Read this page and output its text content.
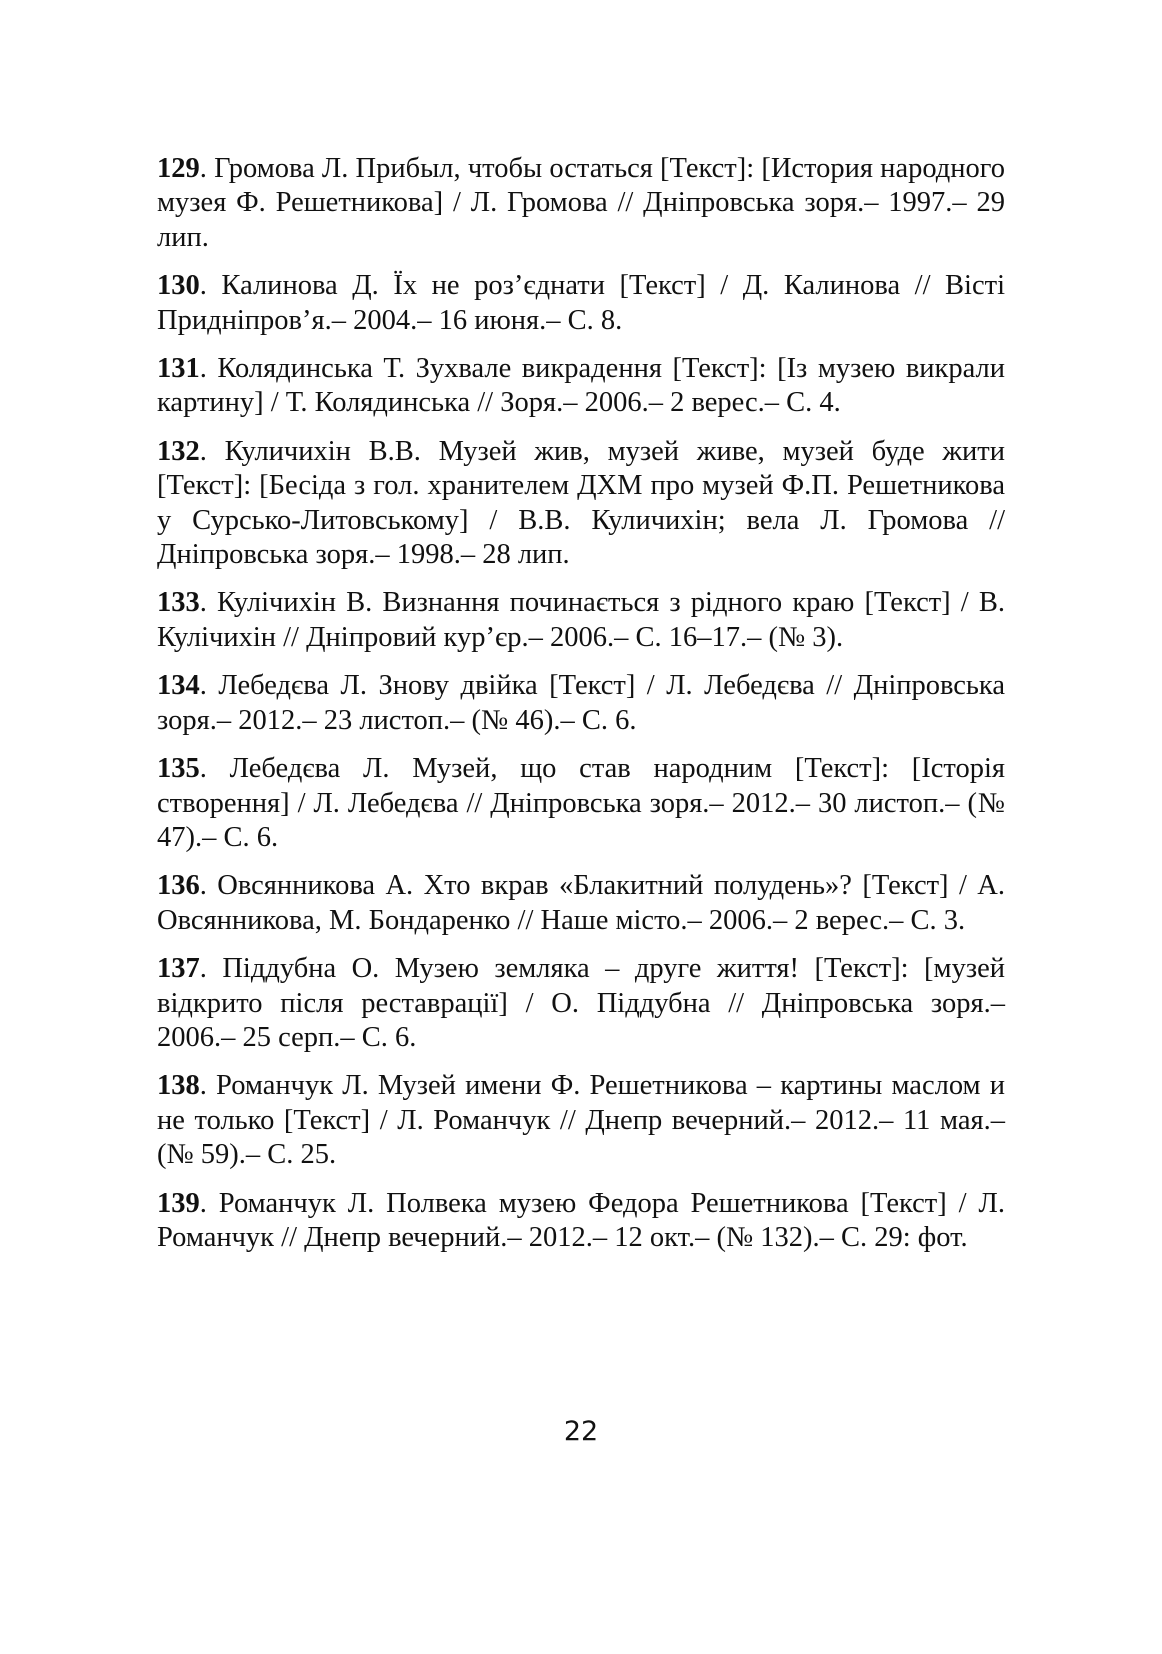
129. Громова Л. Прибыл, чтобы остаться [Текст]: [История народного музея Ф. Решетникова] / Л. Громова // Дніпровська зоря.– 1997.– 29 лип.

130. Калинова Д. Їх не роз’єднати [Текст] / Д. Калинова // Вісті Придніпров’я.– 2004.– 16 июня.– С. 8.

131. Колядинська Т. Зухвале викрадення [Текст]: [Із музею викрали картину] / Т. Колядинська // Зоря.– 2006.– 2 верес.– С. 4.

132. Куличихін В.В. Музей жив, музей живе, музей буде жити [Текст]: [Бесіда з гол. хранителем ДХМ про музей Ф.П. Решетникова у Сурсько-Литовському] / В.В. Куличихін; вела Л. Громова // Дніпровська зоря.– 1998.– 28 лип.

133. Кулічихін В. Визнання починається з рідного краю [Текст] / В. Кулічихін // Дніпровий кур’єр.– 2006.– С. 16–17.– (№ 3).

134. Лебедєва Л. Знову двійка [Текст] / Л. Лебедєва // Дніпровська зоря.– 2012.– 23 листоп.– (№ 46).– С. 6.

135. Лебедєва Л. Музей, що став народним [Текст]: [Історія створення] / Л. Лебедєва // Дніпровська зоря.– 2012.– 30 листоп.– (№ 47).– С. 6.

136. Овсянникова А. Хто вкрав «Блакитний полудень»? [Текст] / А. Овсянникова, М. Бондаренко // Наше місто.– 2006.– 2 верес.– С. 3.

137. Піддубна О. Музею земляка – друге життя! [Текст]: [музей відкрито після реставрації] / О. Піддубна // Дніпровська зоря.– 2006.– 25 серп.– С. 6.

138. Романчук Л. Музей имени Ф. Решетникова – картины маслом и не только [Текст] / Л. Романчук // Днепр вечерний.– 2012.– 11 мая.– (№ 59).– С. 25.

139. Романчук Л. Полвека музею Федора Решетникова [Текст] / Л. Романчук // Днепр вечерний.– 2012.– 12 окт.– (№ 132).– С. 29: фот.

22
